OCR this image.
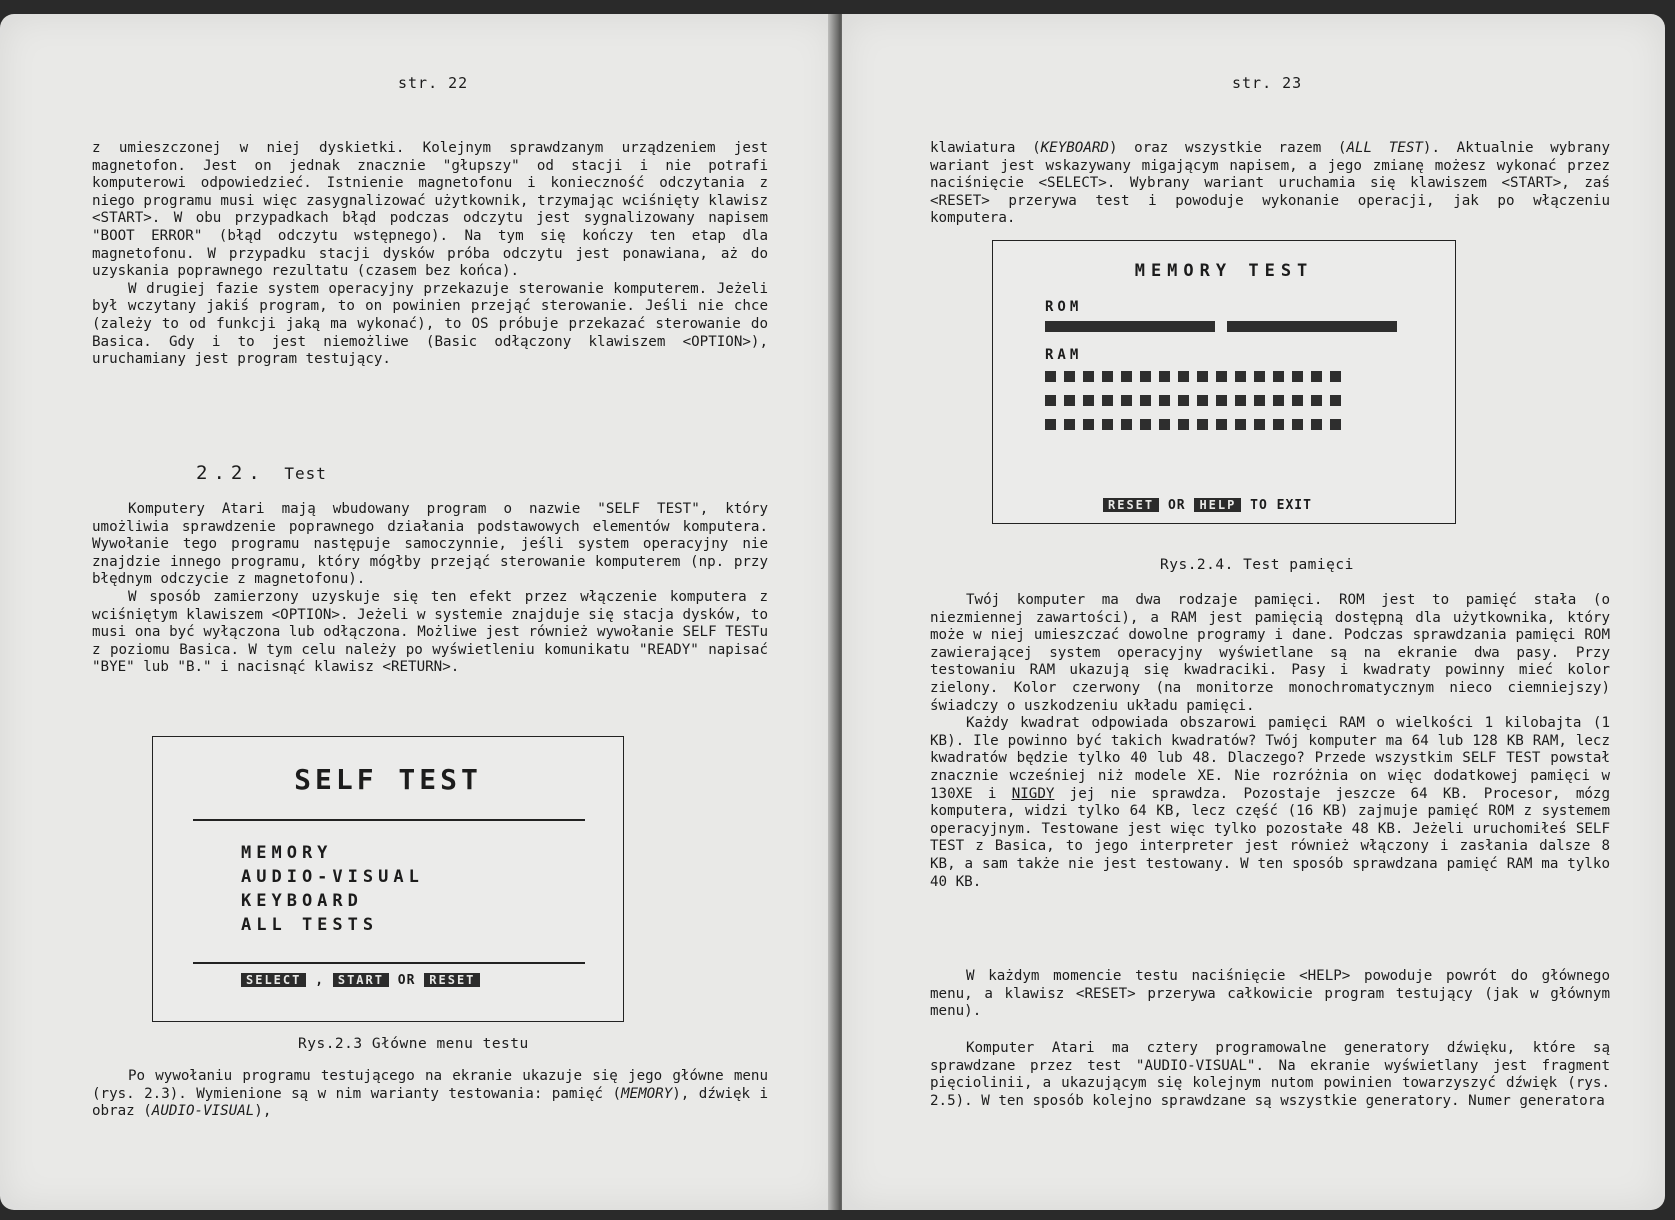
str. 22

z umieszczonej w niej dyskietki. Kolejnym sprawdzanym urządzeniem jest magnetofon. Jest on jednak znacznie "głupszy" od stacji i nie potrafi komputerowi odpowiedzieć. Istnienie magnetofonu i konieczność odczytania z niego programu musi więc zasygnalizować użytkownik, trzymając wciśnięty klawisz <START>. W obu przypadkach błąd podczas odczytu jest sygnalizowany napisem "BOOT ERROR" (błąd odczytu wstępnego). Na tym się kończy ten etap dla magnetofonu. W przypadku stacji dysków próba odczytu jest ponawiana, aż do uzyskania poprawnego rezultatu (czasem bez końca).

W drugiej fazie system operacyjny przekazuje sterowanie komputerem. Jeżeli był wczytany jakiś program, to on powinien przejąć sterowanie. Jeśli nie chce (zależy to od funkcji jaką ma wykonać), to OS próbuje przekazać sterowanie do Basica. Gdy i to jest niemożliwe (Basic odłączony klawiszem <OPTION>), uruchamiany jest program testujący.

2.2. Test

Komputery Atari mają wbudowany program o nazwie "SELF TEST", który umożliwia sprawdzenie poprawnego działania podstawowych elementów komputera. Wywołanie tego programu następuje samoczynnie, jeśli system operacyjny nie znajdzie innego programu, który mógłby przejąć sterowanie komputerem (np. przy błędnym odczycie z magnetofonu).

W sposób zamierzony uzyskuje się ten efekt przez włączenie komputera z wciśniętym klawiszem <OPTION>. Jeżeli w systemie znajduje się stacja dysków, to musi ona być wyłączona lub odłączona. Możliwe jest również wywołanie SELF TESTu z poziomu Basica. W tym celu należy po wyświetleniu komunikatu "READY" napisać "BYE" lub "B." i nacisnąć klawisz <RETURN>.

SELF TEST
MEMORY
AUDIO-VISUAL
KEYBOARD
ALL TESTS
SELECT , START OR RESET
Rys.2.3 Główne menu testu

Po wywołaniu programu testującego na ekranie ukazuje się jego główne menu (rys. 2.3). Wymienione są w nim warianty testowania: pamięć (MEMORY), dźwięk i obraz (AUDIO-VISUAL),

str. 23

klawiatura (KEYBOARD) oraz wszystkie razem (ALL TEST). Aktualnie wybrany wariant jest wskazywany migającym napisem, a jego zmianę możesz wykonać przez naciśnięcie <SELECT>. Wybrany wariant uruchamia się klawiszem <START>, zaś <RESET> przerywa test i powoduje wykonanie operacji, jak po włączeniu komputera.

MEMORY TEST
ROM
RAM
RESET OR HELP TO EXIT
Rys.2.4. Test pamięci

Twój komputer ma dwa rodzaje pamięci. ROM jest to pamięć stała (o niezmiennej zawartości), a RAM jest pamięcią dostępną dla użytkownika, który może w niej umieszczać dowolne programy i dane. Podczas sprawdzania pamięci ROM zawierającej system operacyjny wyświetlane są na ekranie dwa pasy. Przy testowaniu RAM ukazują się kwadraciki. Pasy i kwadraty powinny mieć kolor zielony. Kolor czerwony (na monitorze monochromatycznym nieco ciemniejszy) świadczy o uszkodzeniu układu pamięci.

Każdy kwadrat odpowiada obszarowi pamięci RAM o wielkości 1 kilobajta (1 KB). Ile powinno być takich kwadratów? Twój komputer ma 64 lub 128 KB RAM, lecz kwadratów będzie tylko 40 lub 48. Dlaczego? Przede wszystkim SELF TEST powstał znacznie wcześniej niż modele XE. Nie rozróżnia on więc dodatkowej pamięci w 130XE i NIGDY jej nie sprawdza. Pozostaje jeszcze 64 KB. Procesor, mózg komputera, widzi tylko 64 KB, lecz część (16 KB) zajmuje pamięć ROM z systemem operacyjnym. Testowane jest więc tylko pozostałe 48 KB. Jeżeli uruchomiłeś SELF TEST z Basica, to jego interpreter jest również włączony i zasłania dalsze 8 KB, a sam także nie jest testowany. W ten sposób sprawdzana pamięć RAM ma tylko 40 KB.

W każdym momencie testu naciśnięcie <HELP> powoduje powrót do głównego menu, a klawisz <RESET> przerywa całkowicie program testujący (jak w głównym menu).

Komputer Atari ma cztery programowalne generatory dźwięku, które są sprawdzane przez test "AUDIO-VISUAL". Na ekranie wyświetlany jest fragment pięciolinii, a ukazującym się kolejnym nutom powinien towarzyszyć dźwięk (rys. 2.5). W ten sposób kolejno sprawdzane są wszystkie generatory. Numer generatora
